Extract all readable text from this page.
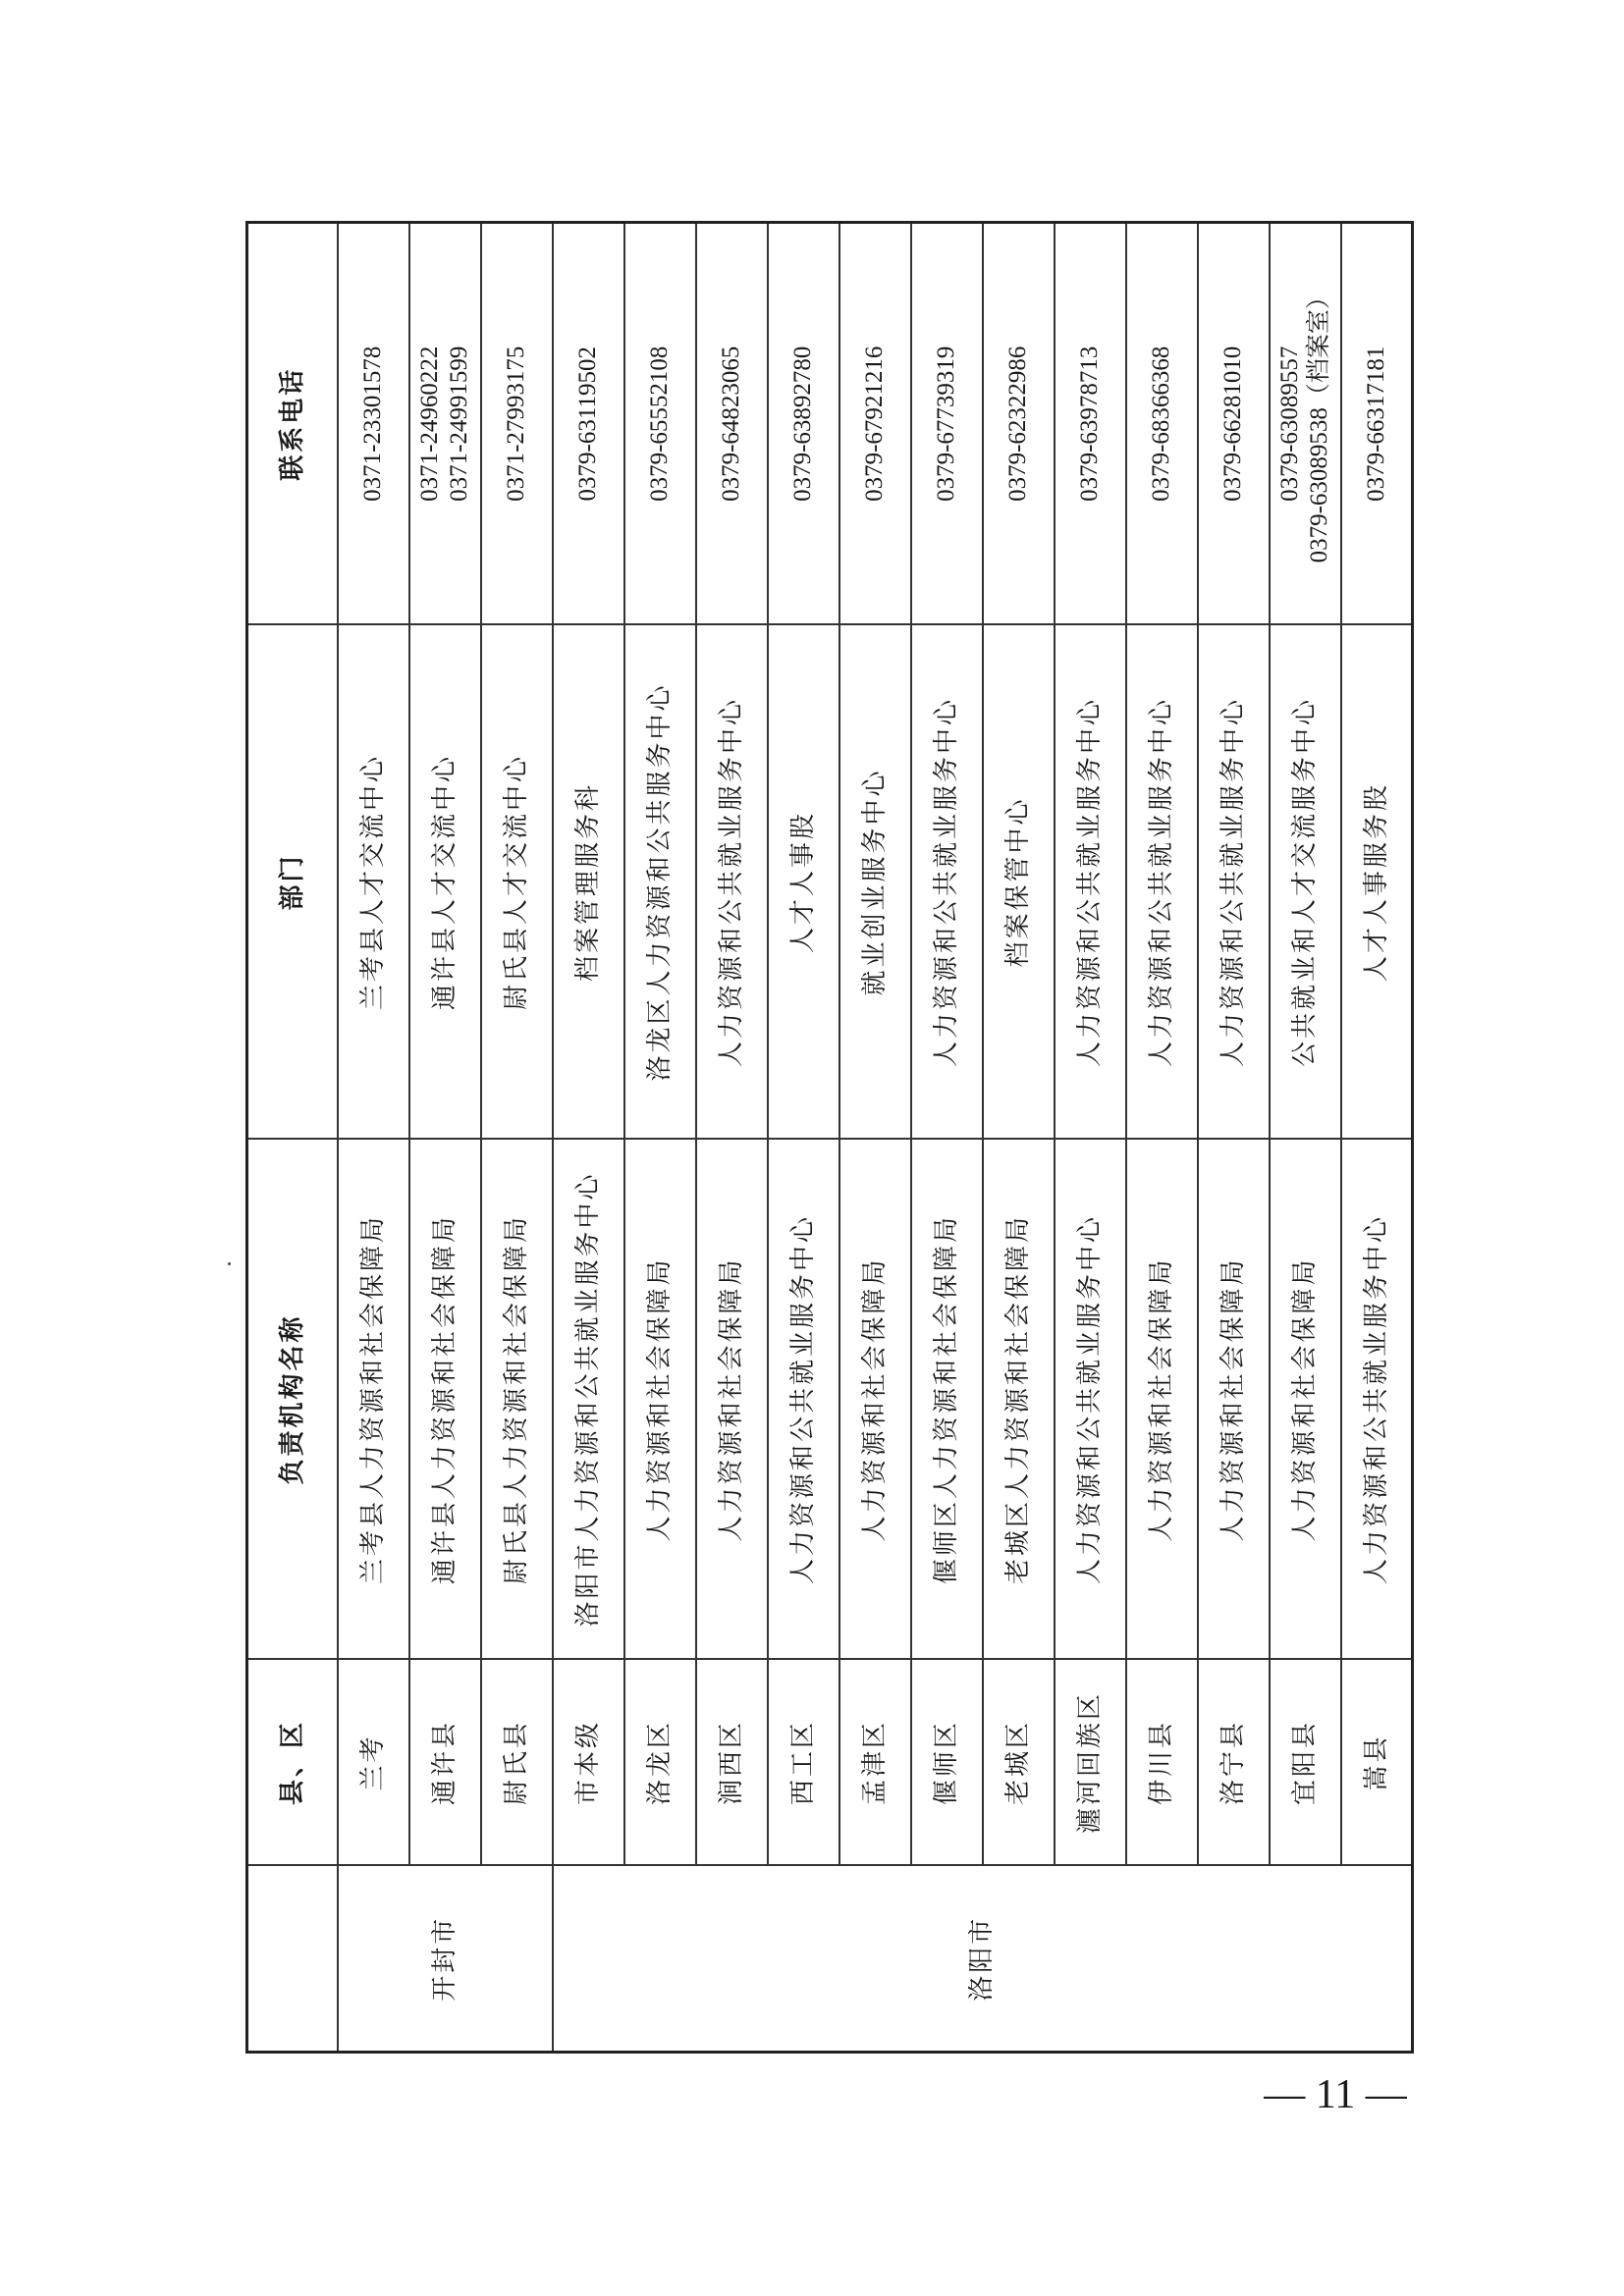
	县、区	负责机构名称	部门	联系电话
开封市	兰考	兰考县人力资源和社会保障局	兰考县人才交流中心	0371-23301578

	通许县	通许县人力资源和社会保障局	通许县人才交流中心	0371-24960222 0371-24991599

	尉氏县	尉氏县人力资源和社会保障局	尉氏县人才交流中心	0371-27993175

洛阳市	市本级	洛阳市人力资源和公共就业服务中心	档案管理服务科	0379-63119502

	洛龙区	人力资源和社会保障局	洛龙区人力资源和公共服务中心	0379-65552108

	涧西区	人力资源和社会保障局	人力资源和公共就业服务中心	0379-64823065

	西工区	人力资源和公共就业服务中心	人才人事股	0379-63892780

	孟津区	人力资源和社会保障局	就业创业服务中心	0379-67921216

	偃师区	偃师区人力资源和社会保障局	人力资源和公共就业服务中心	0379-67739319

	老城区	老城区人力资源和社会保障局	档案保管中心	0379-62322986

	瀍河回族区	人力资源和公共就业服务中心	人力资源和公共就业服务中心	0379-63978713

	伊川县	人力资源和社会保障局	人力资源和公共就业服务中心	0379-68366368

	洛宁县	人力资源和社会保障局	人力资源和公共就业服务中心	0379-66281010

	宜阳县	人力资源和社会保障局	公共就业和人才交流服务中心	0379-63089557 0379-63089538（档案室）

	嵩县	人力资源和公共就业服务中心	人才人事服务股	0379-66317181
— 11 —
